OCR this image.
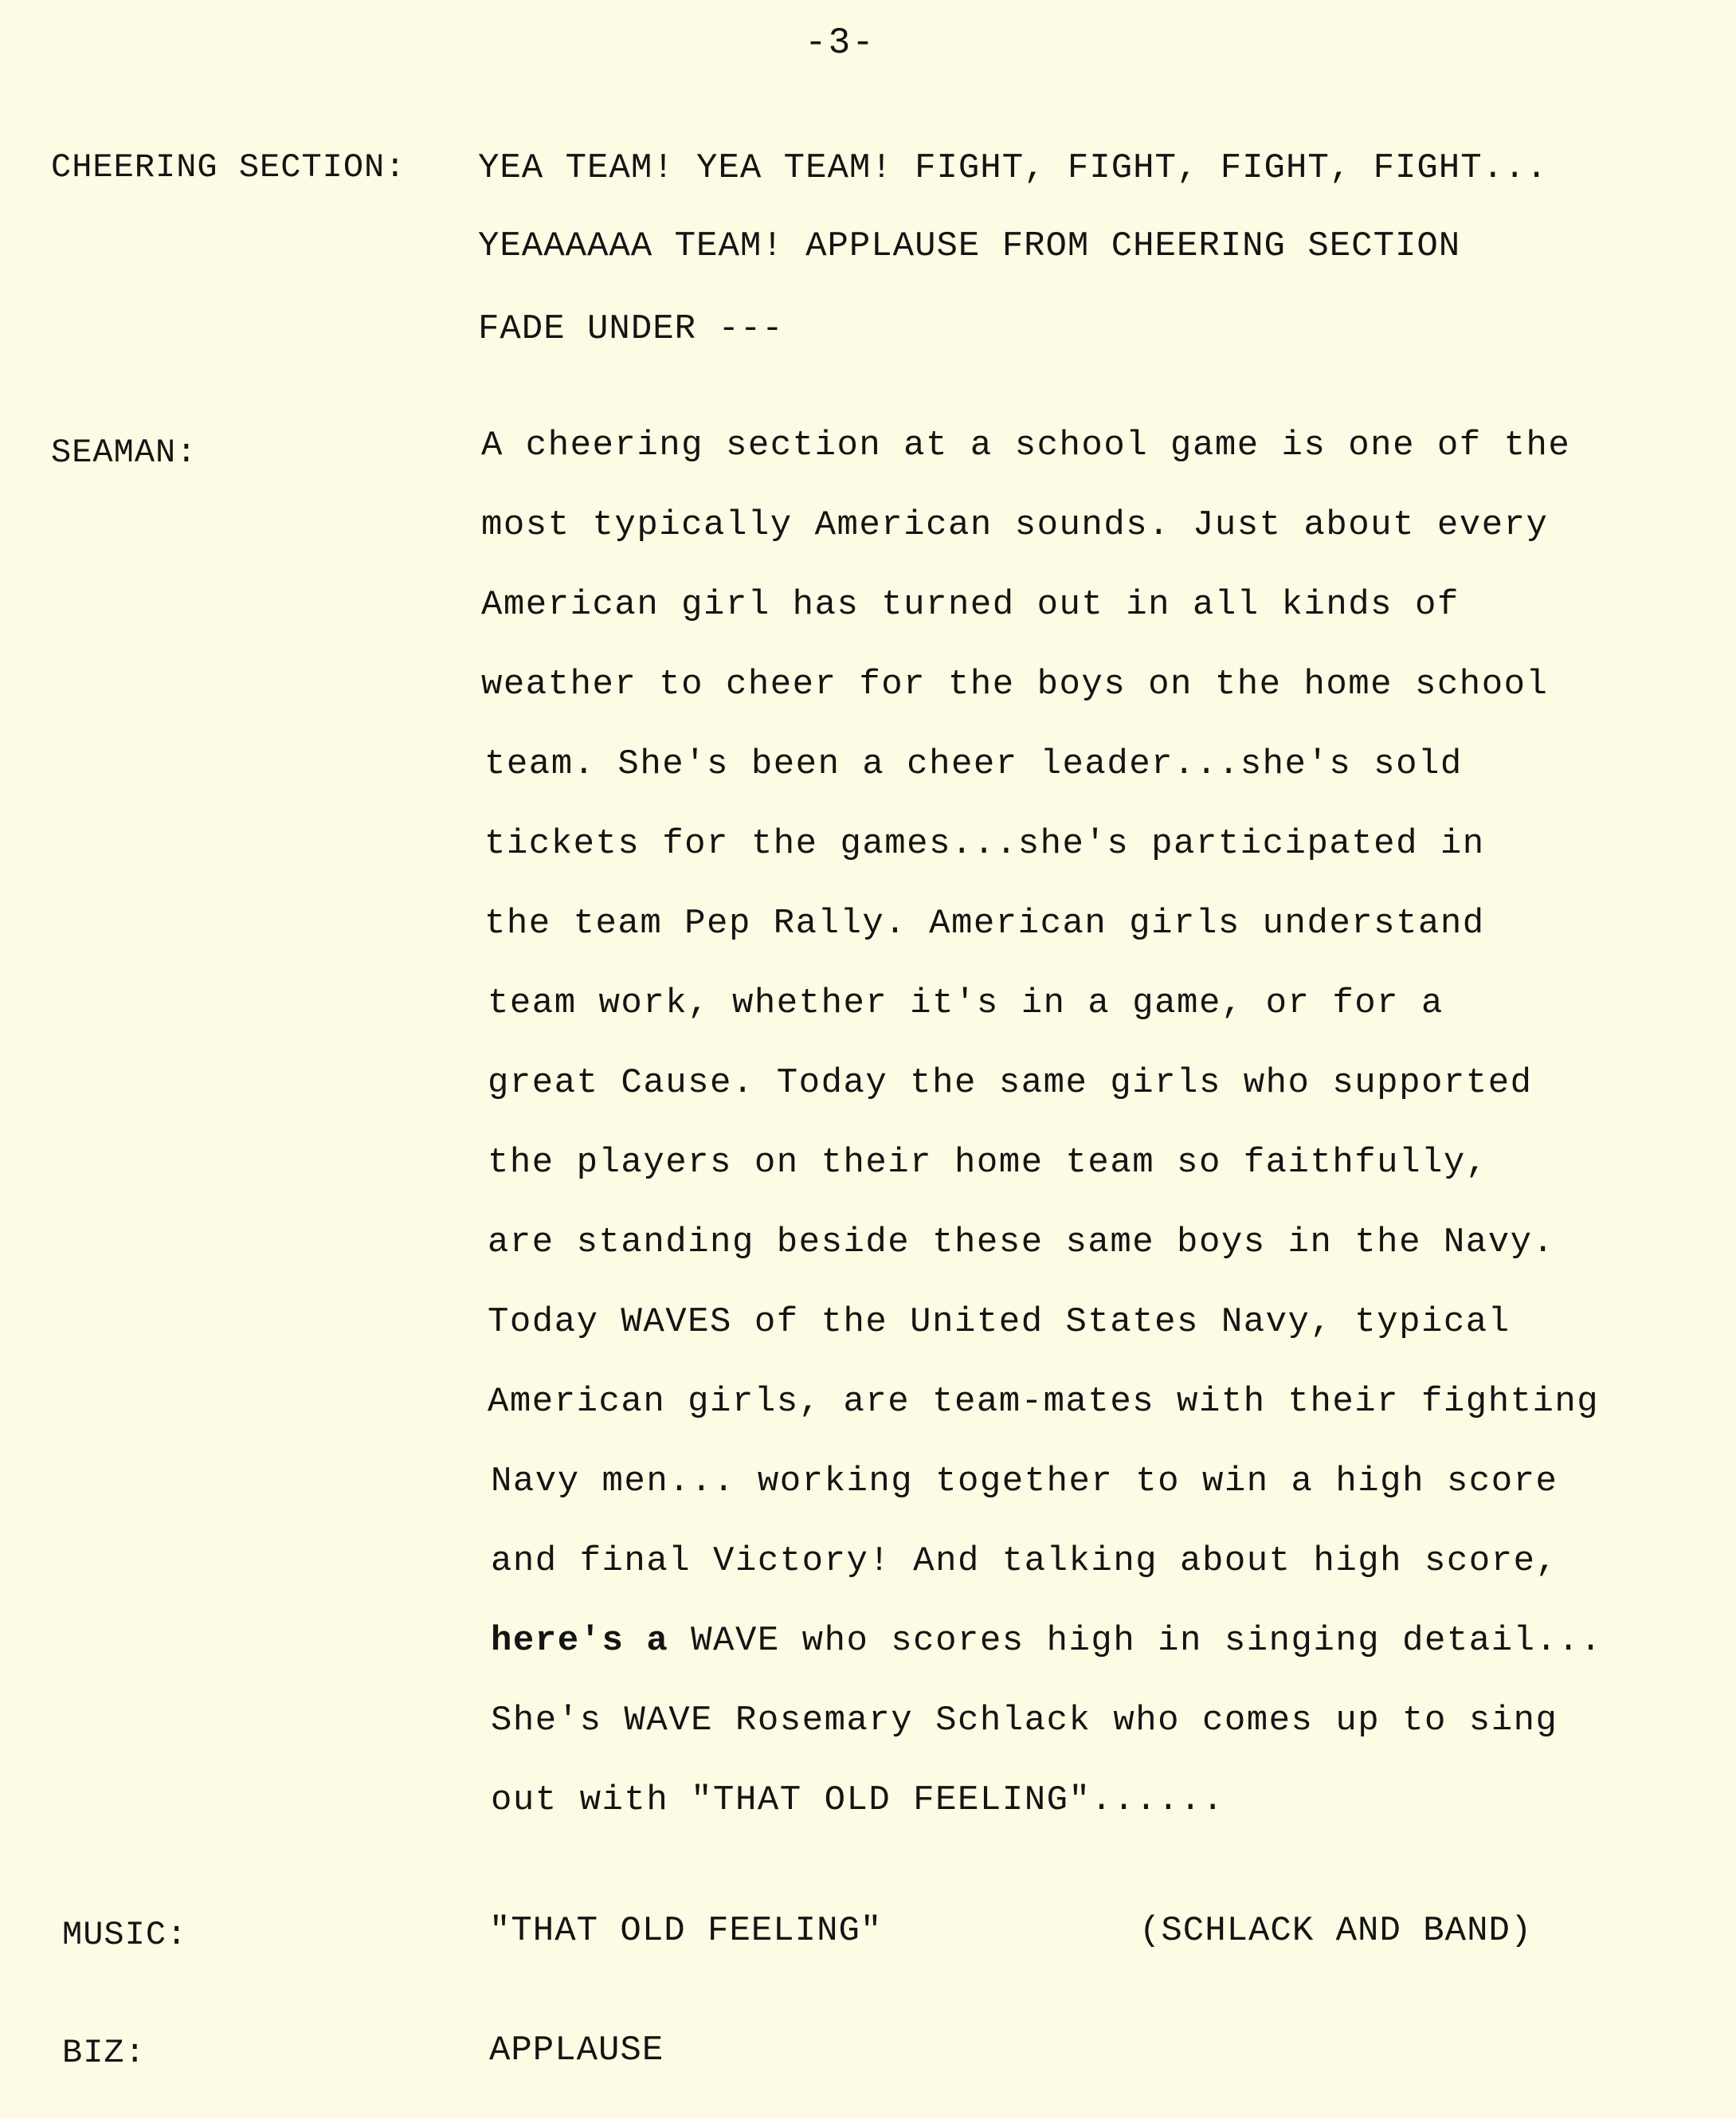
-3-
CHEERING SECTION: YEA TEAM! YEA TEAM! FIGHT, FIGHT, FIGHT, FIGHT...
YEAAAAAA TEAM! APPLAUSE FROM CHEERING SECTION
FADE UNDER ---
SEAMAN:	A cheering section at a school game is one of the
most typically American sounds. Just about every
American girl has turned out in all kinds of
weather to cheer for the boys on the home school
team. She's been a cheer leader...she's sold
tickets for the games...she's participated in
the team Pep Rally. American girls understand
team work, whether it's in a game, or for a
great Cause. Today the same girls who supported
the players on their home team so faithfully,
are standing beside these same boys in the Navy.
Today WAVES of the United States Navy, typical
American girls, are team-mates with their fighting
Navy men... working together to win a high score
and final Victory! And talking about high score,
here's a WAVE who scores high in singing detail...
She's WAVE Rosemary Schlack who comes up to sing
out with "THAT OLD FEELING"......
MUSIC:	"THAT OLD FEELING"	(SCHLACK AND BAND)
BIZ:	APPLAUSE
